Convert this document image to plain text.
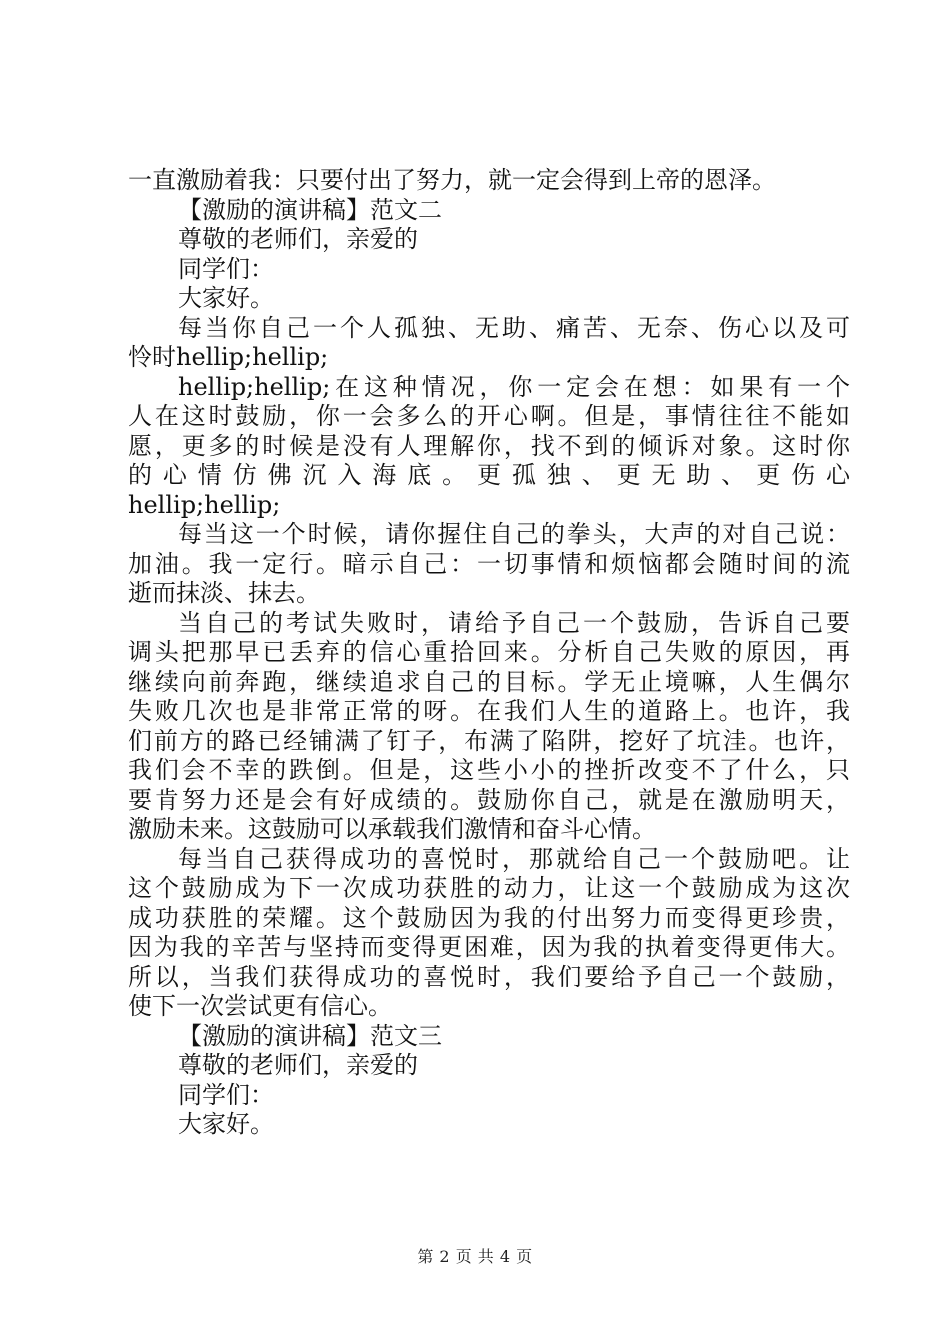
一直激励着我：只要付出了努力，就一定会得到上帝的恩泽。
【激励的演讲稿】范文二
尊敬的老师们，亲爱的
同学们：
大家好。
每当你自己一个人孤独、无助、痛苦、无奈、伤心以及可
怜时hellip;hellip;
hellip;hellip;在这种情况，你一定会在想：如果有一个
人在这时鼓励，你一会多么的开心啊。但是，事情往往不能如
愿，更多的时候是没有人理解你，找不到的倾诉对象。这时你
的心情仿佛沉入海底。更孤独、更无助、更伤心
hellip;hellip;
每当这一个时候，请你握住自己的拳头，大声的对自己说：
加油。我一定行。暗示自己：一切事情和烦恼都会随时间的流
逝而抹淡、抹去。
当自己的考试失败时，请给予自己一个鼓励，告诉自己要
调头把那早已丢弃的信心重拾回来。分析自己失败的原因，再
继续向前奔跑，继续追求自己的目标。学无止境嘛，人生偶尔
失败几次也是非常正常的呀。在我们人生的道路上。也许，我
们前方的路已经铺满了钉子，布满了陷阱，挖好了坑洼。也许，
我们会不幸的跌倒。但是，这些小小的挫折改变不了什么，只
要肯努力还是会有好成绩的。鼓励你自己，就是在激励明天，
激励未来。这鼓励可以承载我们激情和奋斗心情。
每当自己获得成功的喜悦时，那就给自己一个鼓励吧。让
这个鼓励成为下一次成功获胜的动力，让这一个鼓励成为这次
成功获胜的荣耀。这个鼓励因为我的付出努力而变得更珍贵，
因为我的辛苦与坚持而变得更困难，因为我的执着变得更伟大。
所以，当我们获得成功的喜悦时，我们要给予自己一个鼓励，
使下一次尝试更有信心。
【激励的演讲稿】范文三
尊敬的老师们，亲爱的
同学们：
大家好。
第 2 页 共 4 页
